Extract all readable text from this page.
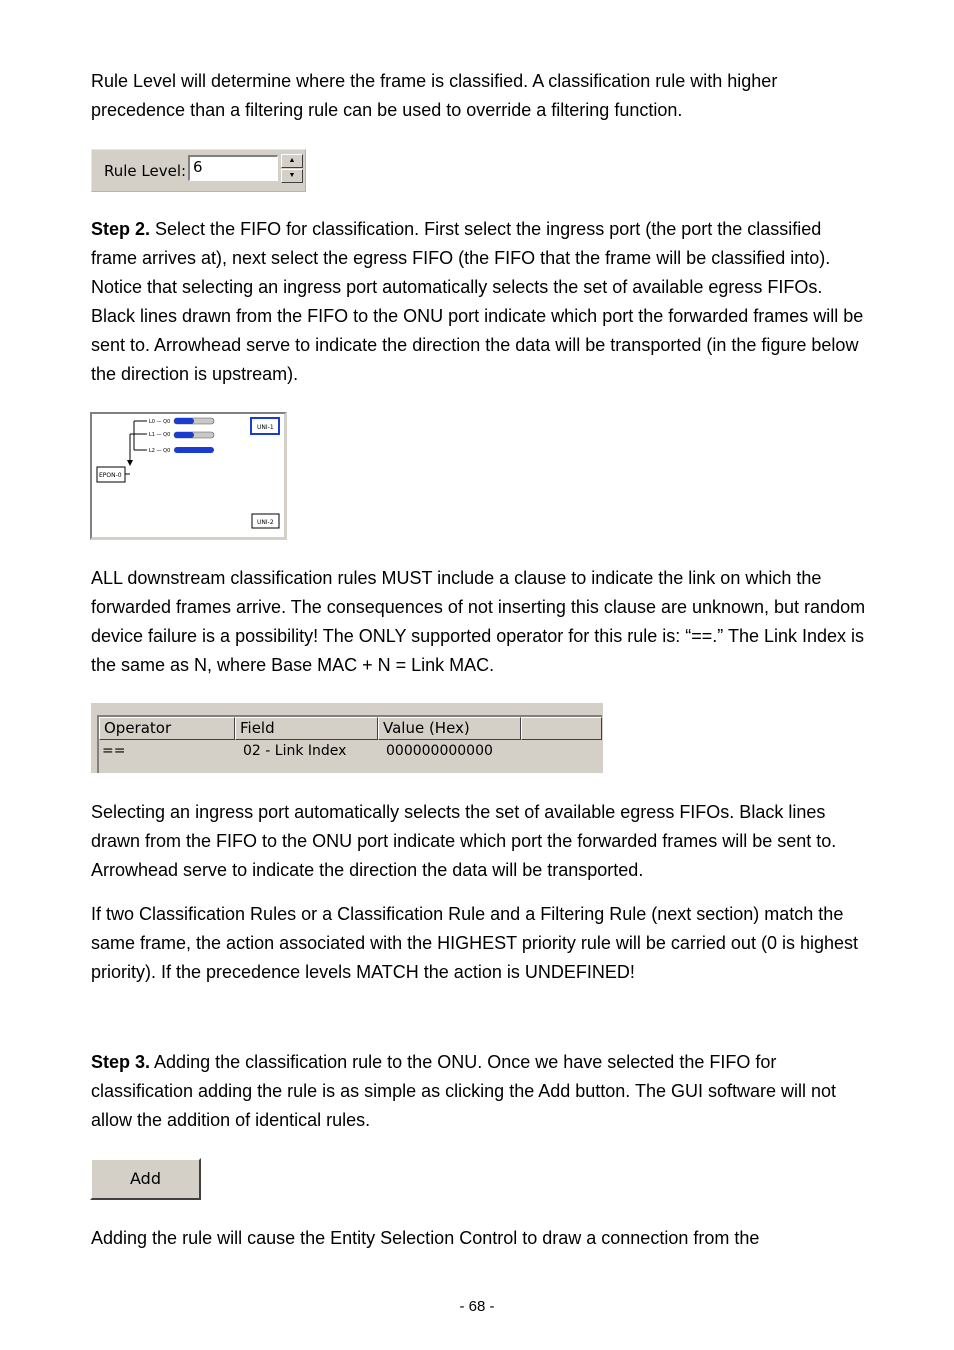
Rule Level will determine where the frame is classified. A classification rule with higher precedence than a filtering rule can be used to override a filtering function.

Rule Level: 6	▲
▼

Step 2. Select the FIFO for classification. First select the ingress port (the port the classified frame arrives at), next select the egress FIFO (the FIFO that the frame will be classified into). Notice that selecting an ingress port automatically selects the set of available egress FIFOs. Black lines drawn from the FIFO to the ONU port indicate which port the forwarded frames will be sent to. Arrowhead serve to indicate the direction the data will be transported (in the figure below the direction is upstream).

L0 — Q0
L1 — Q0
L2 — Q0
EPON-0
UNI-1
UNI-2

ALL downstream classification rules MUST include a clause to indicate the link on which the forwarded frames arrive. The consequences of not inserting this clause are unknown, but random device failure is a possibility! The ONLY supported operator for this rule is: “==.” The Link Index is the same as N, where Base MAC + N = Link MAC.

Operator	Field	Value (Hex)
==	02 - Link Index	000000000000

Selecting an ingress port automatically selects the set of available egress FIFOs. Black lines drawn from the FIFO to the ONU port indicate which port the forwarded frames will be sent to. Arrowhead serve to indicate the direction the data will be transported.

If two Classification Rules or a Classification Rule and a Filtering Rule (next section) match the same frame, the action associated with the HIGHEST priority rule will be carried out (0 is highest priority). If the precedence levels MATCH the action is UNDEFINED!

Step 3. Adding the classification rule to the ONU. Once we have selected the FIFO for classification adding the rule is as simple as clicking the Add button. The GUI software will not allow the addition of identical rules.

Add

Adding the rule will cause the Entity Selection Control to draw a connection from the

- 68 -
